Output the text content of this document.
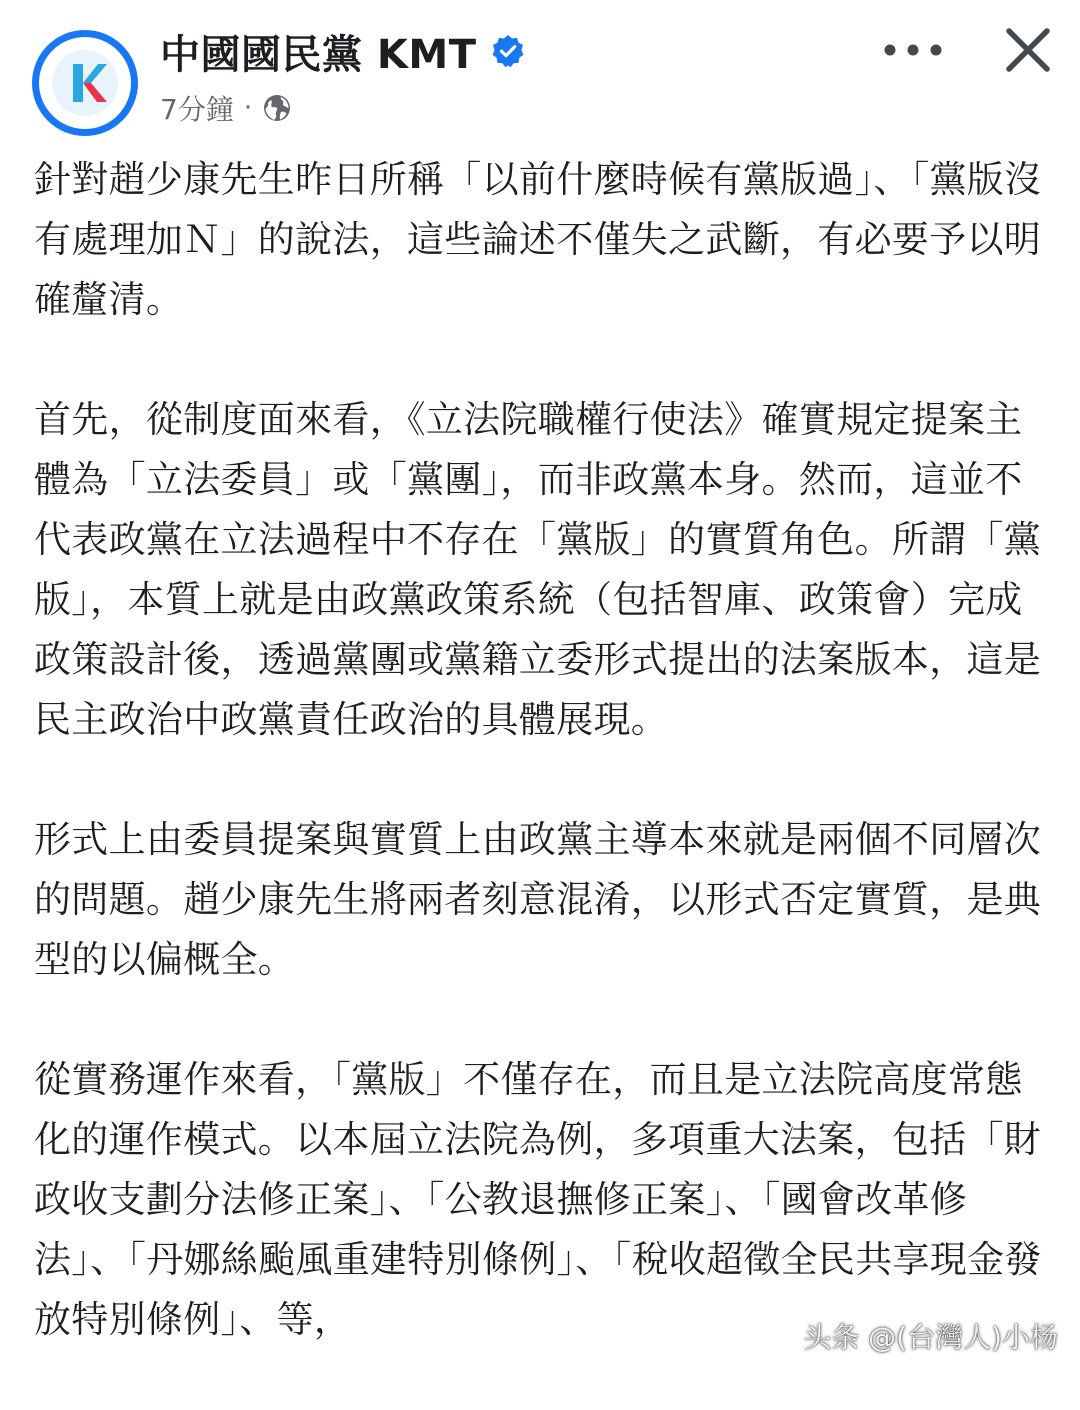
中國國民黨 KMT
7分鐘 ·

針對趙少康先生昨日所稱「以前什麼時候有黨版過」、「黨版沒有處理加Ｎ」的說法，這些論述不僅失之武斷，有必要予以明確釐清。

首先，從制度面來看，《立法院職權行使法》確實規定提案主體為「立法委員」或「黨團」，而非政黨本身。然而，這並不代表政黨在立法過程中不存在「黨版」的實質角色。所謂「黨版」，本質上就是由政黨政策系統（包括智庫、政策會）完成政策設計後，透過黨團或黨籍立委形式提出的法案版本，這是民主政治中政黨責任政治的具體展現。

形式上由委員提案與實質上由政黨主導本來就是兩個不同層次的問題。趙少康先生將兩者刻意混淆，以形式否定實質，是典型的以偏概全。

從實務運作來看，「黨版」不僅存在，而且是立法院高度常態化的運作模式。以本屆立法院為例，多項重大法案，包括「財政收支劃分法修正案」、「公教退撫修正案」、「國會改革修法」、「丹娜絲颱風重建特別條例」、「稅收超徵全民共享現金發放特別條例」、等，	头条 @(台灣人)小杨
